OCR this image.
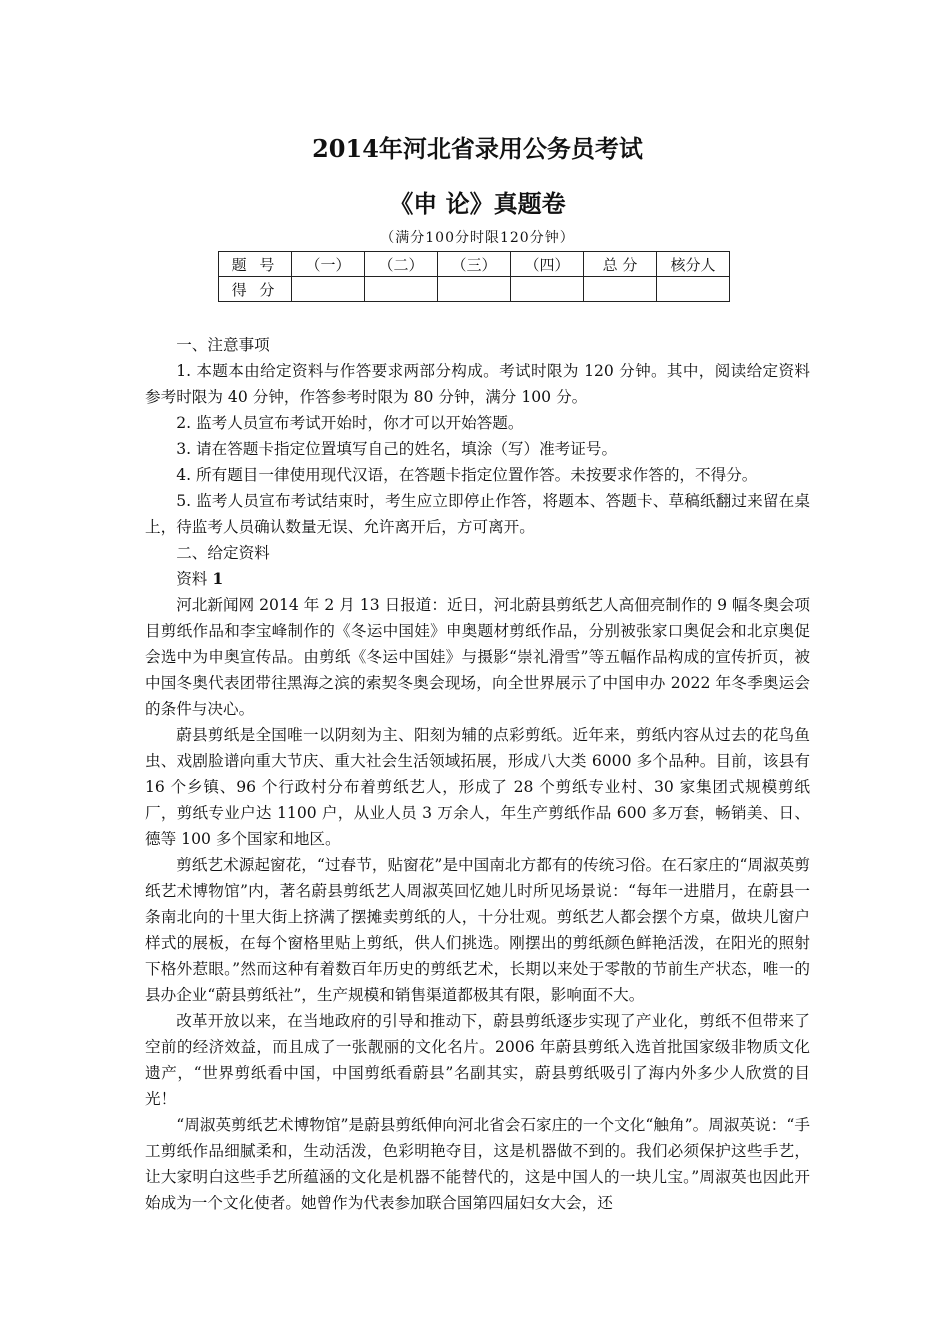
2014年河北省录用公务员考试
《申 论》真题卷
（满分100分时限120分钟）
题 号	（一）	（二）	（三）	（四）	总 分	核分人
得 分						

一、注意事项

1. 本题本由给定资料与作答要求两部分构成。考试时限为 120 分钟。其中，阅读给定资料参考时限为 40 分钟，作答参考时限为 80 分钟，满分 100 分。

2. 监考人员宣布考试开始时，你才可以开始答题。

3. 请在答题卡指定位置填写自己的姓名，填涂（写）准考证号。

4. 所有题目一律使用现代汉语，在答题卡指定位置作答。未按要求作答的，不得分。

5. 监考人员宣布考试结束时，考生应立即停止作答，将题本、答题卡、草稿纸翻过来留在桌上，待监考人员确认数量无误、允许离开后，方可离开。

二、给定资料

资料 1

河北新闻网 2014 年 2 月 13 日报道：近日，河北蔚县剪纸艺人高佃亮制作的 9 幅冬奥会项目剪纸作品和李宝峰制作的《冬运中国娃》申奥题材剪纸作品，分别被张家口奥促会和北京奥促会选中为申奥宣传品。由剪纸《冬运中国娃》与摄影“崇礼滑雪”等五幅作品构成的宣传折页，被中国冬奥代表团带往黑海之滨的索契冬奥会现场，向全世界展示了中国申办 2022 年冬季奥运会的条件与决心。

蔚县剪纸是全国唯一以阴刻为主、阳刻为辅的点彩剪纸。近年来，剪纸内容从过去的花鸟鱼虫、戏剧脸谱向重大节庆、重大社会生活领域拓展，形成八大类 6000 多个品种。目前，该县有 16 个乡镇、96 个行政村分布着剪纸艺人，形成了 28 个剪纸专业村、30 家集团式规模剪纸厂，剪纸专业户达 1100 户，从业人员 3 万余人，年生产剪纸作品 600 多万套，畅销美、日、德等 100 多个国家和地区。

剪纸艺术源起窗花，“过春节，贴窗花”是中国南北方都有的传统习俗。在石家庄的“周淑英剪纸艺术博物馆”内，著名蔚县剪纸艺人周淑英回忆她儿时所见场景说：“每年一进腊月，在蔚县一条南北向的十里大街上挤满了摆摊卖剪纸的人，十分壮观。剪纸艺人都会摆个方桌，做块儿窗户样式的展板，在每个窗格里贴上剪纸，供人们挑选。刚摆出的剪纸颜色鲜艳活泼，在阳光的照射下格外惹眼。”然而这种有着数百年历史的剪纸艺术，长期以来处于零散的节前生产状态，唯一的县办企业“蔚县剪纸社”，生产规模和销售渠道都极其有限，影响面不大。

改革开放以来，在当地政府的引导和推动下，蔚县剪纸逐步实现了产业化，剪纸不但带来了空前的经济效益，而且成了一张靓丽的文化名片。2006 年蔚县剪纸入选首批国家级非物质文化遗产，“世界剪纸看中国，中国剪纸看蔚县”名副其实，蔚县剪纸吸引了海内外多少人欣赏的目光！

“周淑英剪纸艺术博物馆”是蔚县剪纸伸向河北省会石家庄的一个文化“触角”。周淑英说：“手工剪纸作品细腻柔和，生动活泼，色彩明艳夺目，这是机器做不到的。我们必须保护这些手艺，让大家明白这些手艺所蕴涵的文化是机器不能替代的，这是中国人的一块儿宝。”周淑英也因此开始成为一个文化使者。她曾作为代表参加联合国第四届妇女大会，还
